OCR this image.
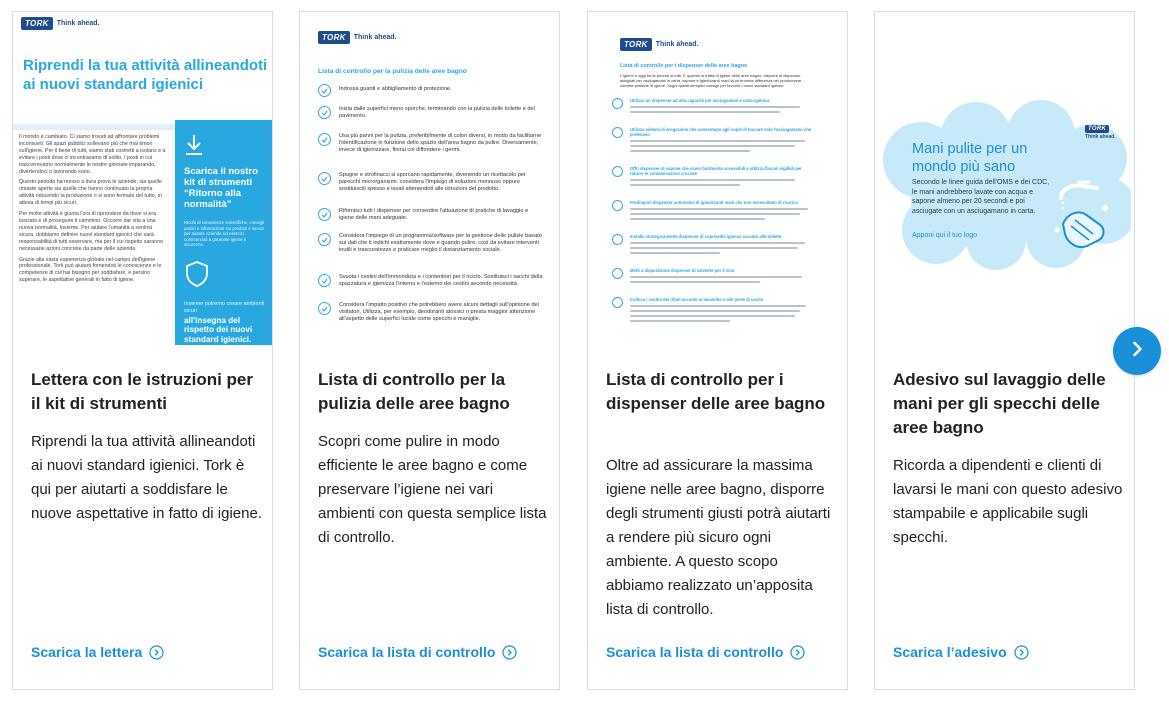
TORK	Think ahead.
Riprendi la tua attività allineandoti ai nuovi standard igienici

Il mondo è cambiato. Ci siamo trovati ad affrontare problemi inconsueti. Gli spazi pubblici sollevano più che mai timori sull'igiene. Per il bene di tutti, siamo stati costretti a isolarci e a evitare i posti dove ci incontravamo di solito. I posti in cui trascorrevamo normalmente le nostre giornate imparando, divertendoci o lavorando sono.

Questo periodo ha messo a dura prova le aziende, sia quelle rimaste aperte sia quelle che hanno continuato la propria attività riducendo la produzione o si sono fermate del tutto, in attesa di tempi più sicuri.

Per molte attività è giunta l'ora di riprendere da dove si era lasciato e di proseguire il cammino. Occorre dar vita a una nuova normalità. Insieme. Per aiutare l'umanità a sentirsi sicura, dobbiamo definire nuovi standard igienici che sarà responsabilità di tutti osservare, ma per il cui rispetto saranno necessarie azioni concrete da parte delle aziende.

Grazie alla vasta esperienza globale nel campo dell'igiene professionale, Tork può aiutarti fornendoti le conoscenze e le competenze di cui hai bisogno per soddisfare, e persino superare, le aspettative generali in fatto di igiene.

Scarica il nostro kit di strumenti “Ritorno alla normalità”
Ricchi di consulenze scientifiche, consigli pratici e informazioni sui prodotti e servizi per aiutare aziende ed esercizi commerciali a garantire igiene e sicurezza.
Insieme potremo creare ambienti sicuri
all'insegna del rispetto dei nuovi standard igienici.
Lettera con le istruzioni per il kit di strumenti

Riprendi la tua attività allineandoti ai nuovi standard igienici. Tork è qui per aiutarti a soddisfare le nuove aspettative in fatto di igiene.

Scarica la lettera
TORK	Think ahead.
Lista di controllo per la pulizia delle aree bagno
Indossa guanti e abbigliamento di protezione.
Inizia dalle superfici meno sporche, terminando con la pulizia delle toilette e del pavimento.
Usa più panni per la pulizia, preferibilmente di colori diversi, in modo da facilitarne l'identificazione in funzione dello spazio dell'area bagno da pulire. Diversamente, invece di igienizzare, finirai col diffondere i germi.
Spugne e strofinacci si sporcano rapidamente, divenendo un ricettacolo per parecchi microrganismi: considera l'impiego di soluzioni monouso oppure sostituiscili spesso e lavali attenendoti alle istruzioni del prodotto.
Rifornisci tutti i dispenser per consentire l'attuazione di pratiche di lavaggio e igiene delle mani adeguate.
Considera l'impiego di un programma/software per la gestione delle pulizie basato sui dati che ti indichi esattamente dove e quando pulire, così da evitare interventi inutili e trascuratezze e praticare meglio il distanziamento sociale.
Svuota i cestini dell'immondizia e i contenitori per il riciclo. Sostituisci i sacchi della spazzatura e igienizza l'interno e l'esterno dei cestini secondo necessità.
Considera l'impatto positivo che potrebbero avere alcuni dettagli sull'opinione dei visitatori. Utilizza, per esempio, deodoranti atossici o presta maggior attenzione all'aspetto delle superfici lucide come specchi e maniglie.
Lista di controllo per la pulizia delle aree bagno

Scopri come pulire in modo efficiente le aree bagno e come preservare l’igiene nei vari ambienti con questa semplice lista di controllo.

Scarica la lista di controllo
TORK	Think ahead.
Lista di controllo per i dispenser delle aree bagno
L'igiene è oggi tra le priorità di tutti. E quando si tratta di igiene delle aree bagno, disporre di dispenser adeguati per asciugamani in carta, sapone e igienizzanti mani fa un'enorme differenza nel promuovere corrette pratiche di igiene. Segui questi semplici consigli per favorire i nuovi standard igienici:
Utilizza un dispenser ad alta capacità per asciugamani e carta igienica
Utilizza sistemi di erogazione che consentano agli ospiti di toccare solo l'asciugamano che prelevano
Offri dispenser di sapone che siano facilmente accessibili e utilizza flaconi sigillati per ridurre le contaminazioni crociate
Predisponi dispenser automatici di igienizzanti mani che non necessitano di ricarica
Installa strategicamente dispenser di coprisedili igienici accanto alle toilette
Metti a disposizione dispenser di salviette per il viso
Colloca i cestini dei rifiuti accanto ai lavandini e alle porte di uscita
Lista di controllo per i dispenser delle aree bagno

Oltre ad assicurare la massima igiene nelle aree bagno, disporre degli strumenti giusti potrà aiutarti a rendere più sicuro ogni ambiente. A questo scopo abbiamo realizzato un’apposita lista di controllo.

Scarica la lista di controllo
TORK
Think ahead.
Mani pulite per un mondo più sano
Secondo le linee guida dell'OMS e dei CDC, le mani andrebbero lavate con acqua e sapone almeno per 20 secondi e poi asciugate con un asciugamano in carta.
Apponi qui il tuo logo
Adesivo sul lavaggio delle mani per gli specchi delle aree bagno

Ricorda a dipendenti e clienti di lavarsi le mani con questo adesivo stampabile e applicabile sugli specchi.

Scarica l’adesivo
